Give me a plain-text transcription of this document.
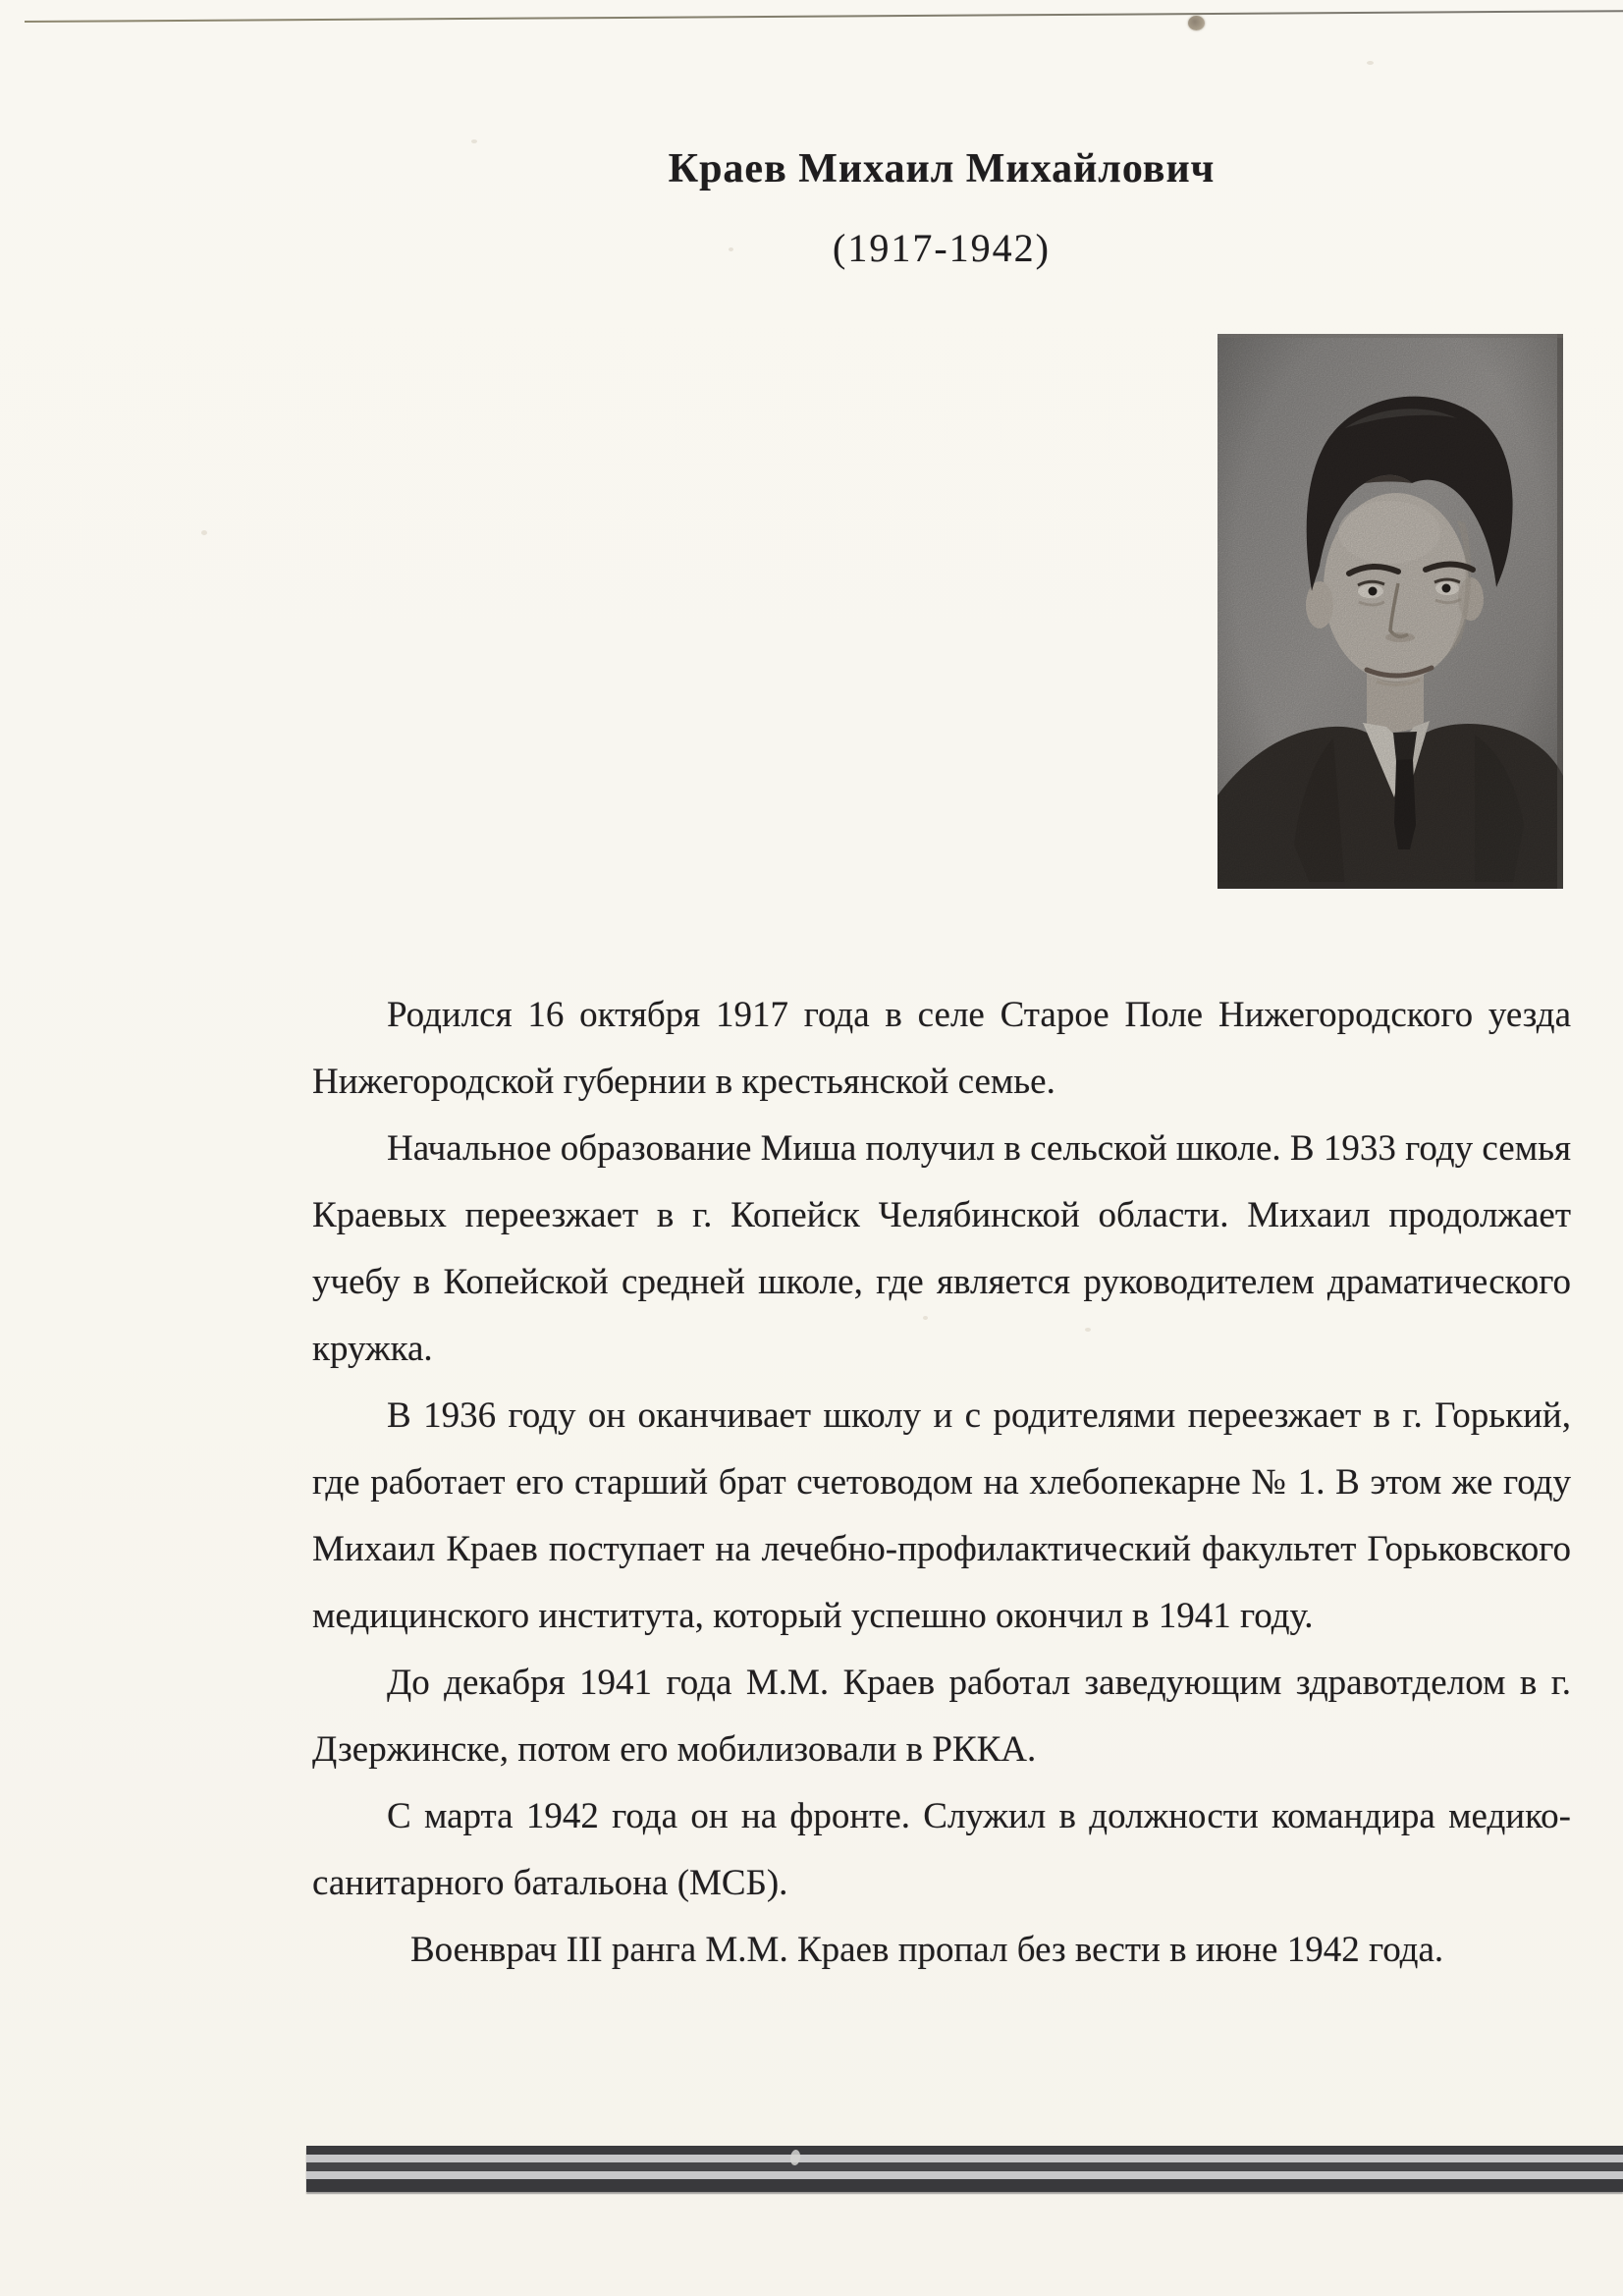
Краев Михаил Михайлович

(1917-1942)

Родился 16 октября 1917 года в селе Старое Поле Нижегородского уезда Нижегородской губернии в крестьянской семье.

Начальное образование Миша получил в сельской школе. В 1933 году семья Краевых переезжает в г. Копейск Челябинской области. Михаил продолжает учебу в Копейской средней школе, где является руководителем драматического кружка.

В 1936 году он оканчивает школу и с родителями переезжает в г. Горький, где работает его старший брат счетоводом на хлебопекарне № 1. В этом же году Михаил Краев поступает на лечебно-профилактический факультет Горьковского медицинского института, который успешно окончил в 1941 году.

До декабря 1941 года М.М. Краев работал заведующим здравотделом в г. Дзержинске, потом его мобилизовали в РККА.

С марта 1942 года он на фронте. Служил в должности командира медико-санитарного батальона (МСБ).

Военврач III ранга М.М. Краев пропал без вести в июне 1942 года.
